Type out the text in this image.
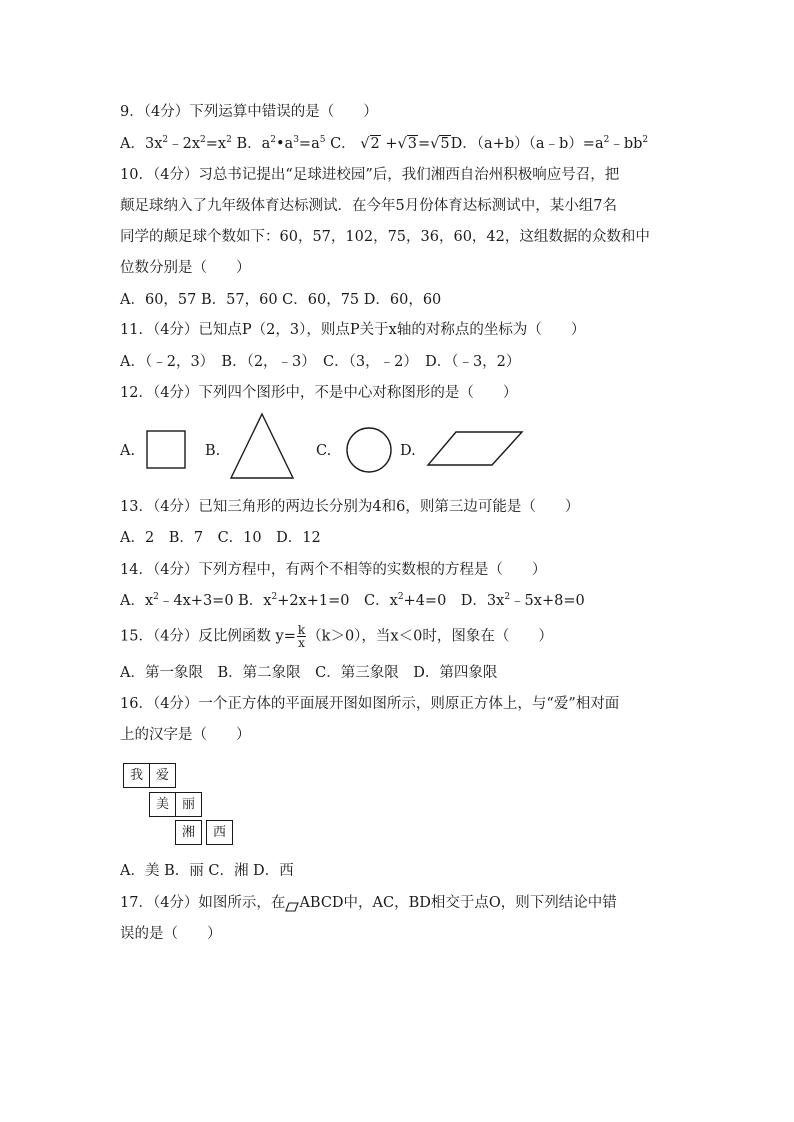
9．（4分）下列运算中错误的是（　　）
A．$3x^2﹣2x^2=x^2$ B．$a^2•a^3=a^5$ C． √2 +√3=√5D．$(a+b)(a﹣b)=a^2﹣bb^2$
10．（4分）习总书记提出“足球进校园”后，我们湘西自治州积极响应号召，把
颠足球纳入了九年级体育达标测试．在今年5月份体育达标测试中，某小组7名
同学的颠足球个数如下：60，57，102，75，36，60，42，这组数据的众数和中
位数分别是（　　）
A．60，57 B．57，60 C．60，75 D．60，60
11．（4分）已知点P（2，3），则点P关于x轴的对称点的坐标为（　　）
A．（﹣2，3）　B．（2，﹣3）　C．（3，﹣2）　D．（﹣3，2）
12．（4分）下列四个图形中，不是中心对称图形的是（　　）
A.	B.	C.	D.
13．（4分）已知三角形的两边长分别为4和6，则第三边可能是（　　）
A．2　B．7　C．10　D．12
14．（4分）下列方程中，有两个不相等的实数根的方程是（　　）
A．$x^2﹣4x+3=0$ B．$x^2+2x+1=0$　C．$x^2+4=0$　D．$3x^2﹣5x+8=0$
15．（4分）反比例函数 $y= \frac{k}{x} (k>0)$，当x＜0时，图象在（　　）
A．第一象限　B．第二象限　C．第三象限　D．第四象限
16．（4分）一个正方体的平面展开图如图所示，则原正方体上，与“爱”相对面
上的汉字是（　　）
我 爱
美 丽
湘	西
A．美 B．丽 C．湘 D．西
17．（4分）如图所示，在 ABCD中，AC，BD相交于点O，则下列结论中错
误的是（　　）
